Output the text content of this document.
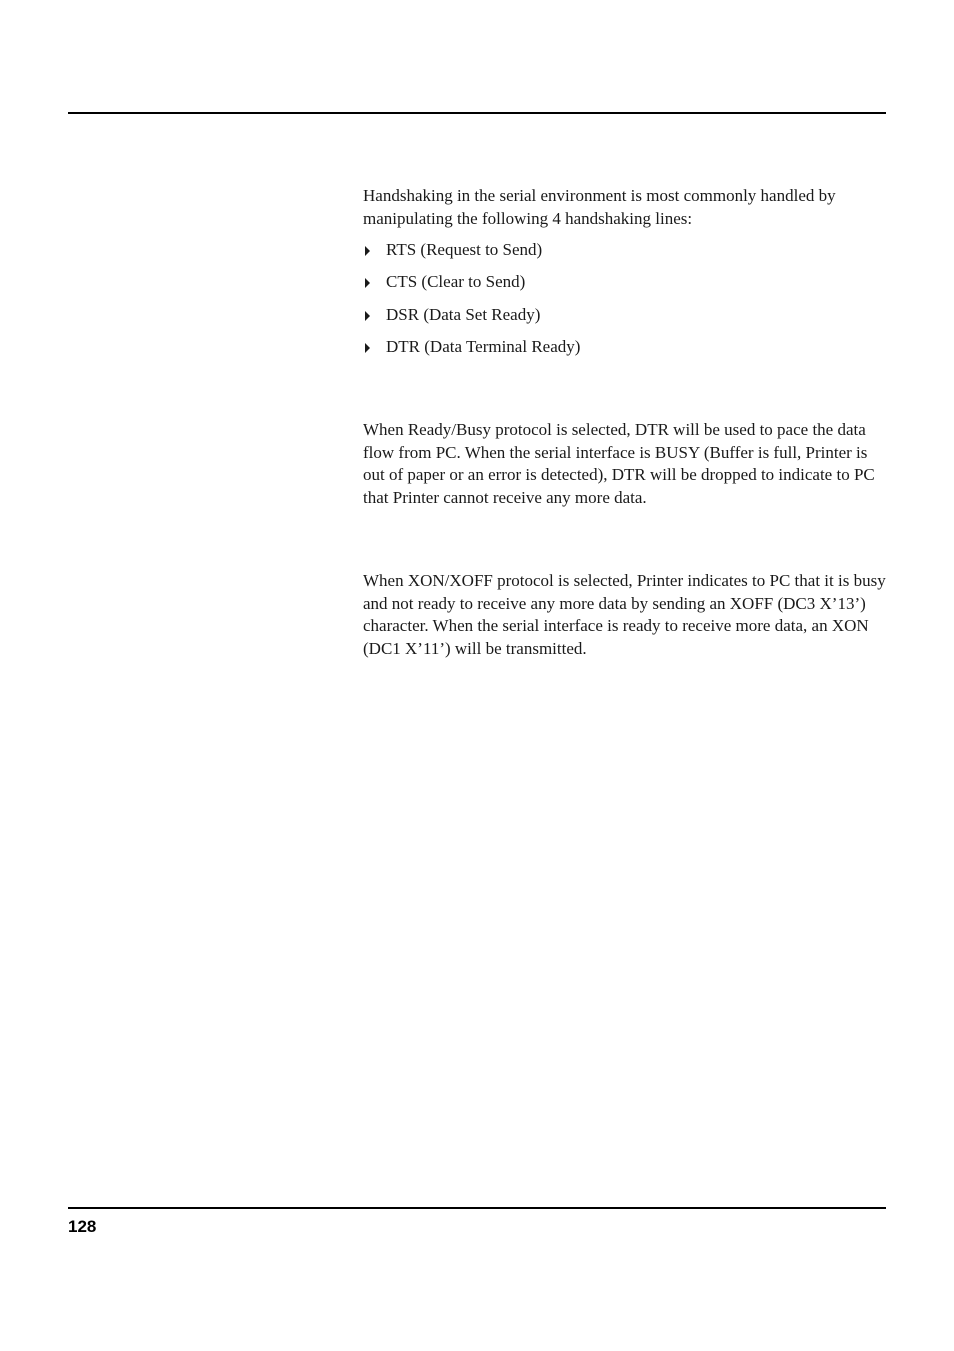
Handshaking in the serial environment is most commonly handled by manipulating the following 4 handshaking lines:

RTS (Request to Send)
CTS (Clear to Send)
DSR (Data Set Ready)
DTR (Data Terminal Ready)

When Ready/Busy protocol is selected, DTR will be used to pace the data flow from PC. When the serial interface is BUSY (Buffer is full, Printer is out of paper or an error is detected), DTR will be dropped to indicate to PC that Printer cannot receive any more data.

When XON/XOFF protocol is selected, Printer indicates to PC that it is busy and not ready to receive any more data by sending an XOFF (DC3 X’13’) character. When the serial interface is ready to receive more data, an XON (DC1 X’11’) will be transmitted.

128
